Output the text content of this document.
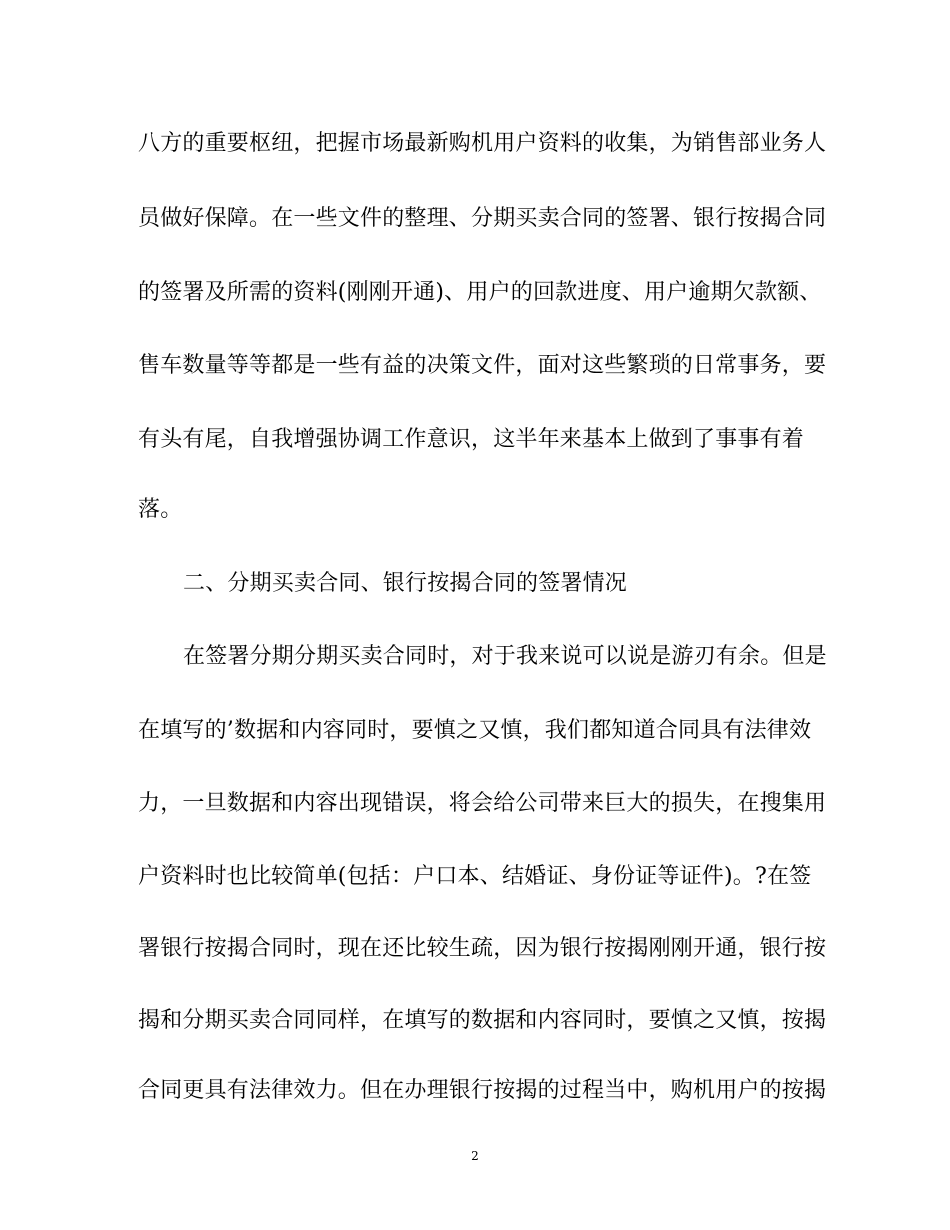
八方的重要枢纽，把握市场最新购机用户资料的收集，为销售部业务人
员做好保障。在一些文件的整理、分期买卖合同的签署、银行按揭合同
的签署及所需的资料(刚刚开通)、用户的回款进度、用户逾期欠款额、
售车数量等等都是一些有益的决策文件，面对这些繁琐的日常事务，要
有头有尾，自我增强协调工作意识，这半年来基本上做到了事事有着
落。
二、分期买卖合同、银行按揭合同的签署情况
在签署分期分期买卖合同时，对于我来说可以说是游刃有余。但是
在填写的’数据和内容同时，要慎之又慎，我们都知道合同具有法律效
力，一旦数据和内容出现错误，将会给公司带来巨大的损失，在搜集用
户资料时也比较简单(包括：户口本、结婚证、身份证等证件)。?在签
署银行按揭合同时，现在还比较生疏，因为银行按揭刚刚开通，银行按
揭和分期买卖合同同样，在填写的数据和内容同时，要慎之又慎，按揭
合同更具有法律效力。但在办理银行按揭的过程当中，购机用户的按揭
2
